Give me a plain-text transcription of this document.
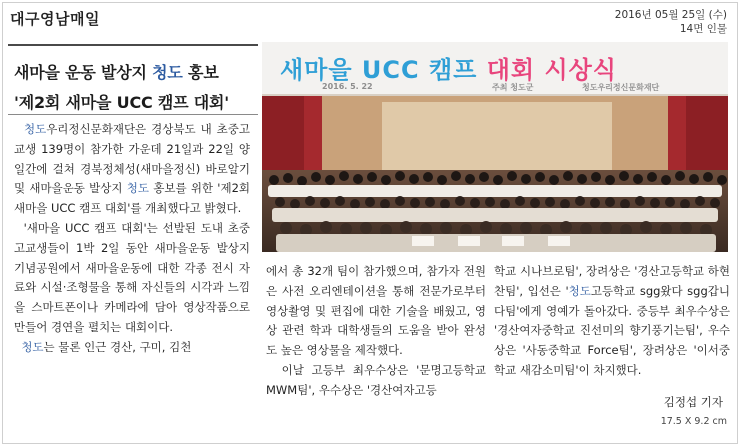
대구영남매일	2016년 05월 25일 (수)
14면 인물
새마을 운동 발상지 청도 홍보
'제2회 새마을 UCC 캠프 대회'

청도우리정신문화재단은 경상북도 내 초중고교생 139명이 참가한 가운데 21일과 22일 양일간에 걸쳐 경북정체성(새마을정신) 바로알기 및 새마을운동 발상지 청도 홍보를 위한 '제2회 새마을 UCC 캠프 대회'를 개최했다고 밝혔다.

'새마을 UCC 캠프 대회'는 선발된 도내 초중고교생들이 1박 2일 동안 새마을운동 발상지 기념공원에서 새마을운동에 대한 각종 전시 자료와 시설·조형물을 통해 자신들의 시각과 느낌을 스마트폰이나 카메라에 담아 영상작품으로 만들어 경연을 펼치는 대회이다.

청도는 물론 인근 경산, 구미, 김천

새마을 UCC 캠프 대회 시상식
2016. 5. 22	주최 청도군	청도우리정신문화재단

에서 총 32개 팀이 참가했으며, 참가자 전원은 사전 오리엔테이션을 통해 전문가로부터 영상촬영 및 편집에 대한 기술을 배웠고, 영상 관련 학과 대학생들의 도움을 받아 완성도 높은 영상물을 제작했다.

이날 고등부 최우수상은 '문명고등학교 MWM팀', 우수상은 '경산여자고등

학교 시나브로팀', 장려상은 '경산고등학교 하현찬팀', 입선은 '청도고등학교 sgg왔다 sgg갑니다팀'에게 영예가 돌아갔다. 중등부 최우수상은 '경산여자중학교 진선미의 향기풍기는팀', 우수상은 '사동중학교 Force팀', 장려상은 '이서중학교 새감소미팀'이 차지했다.

김정섭 기자
17.5 X 9.2 cm
